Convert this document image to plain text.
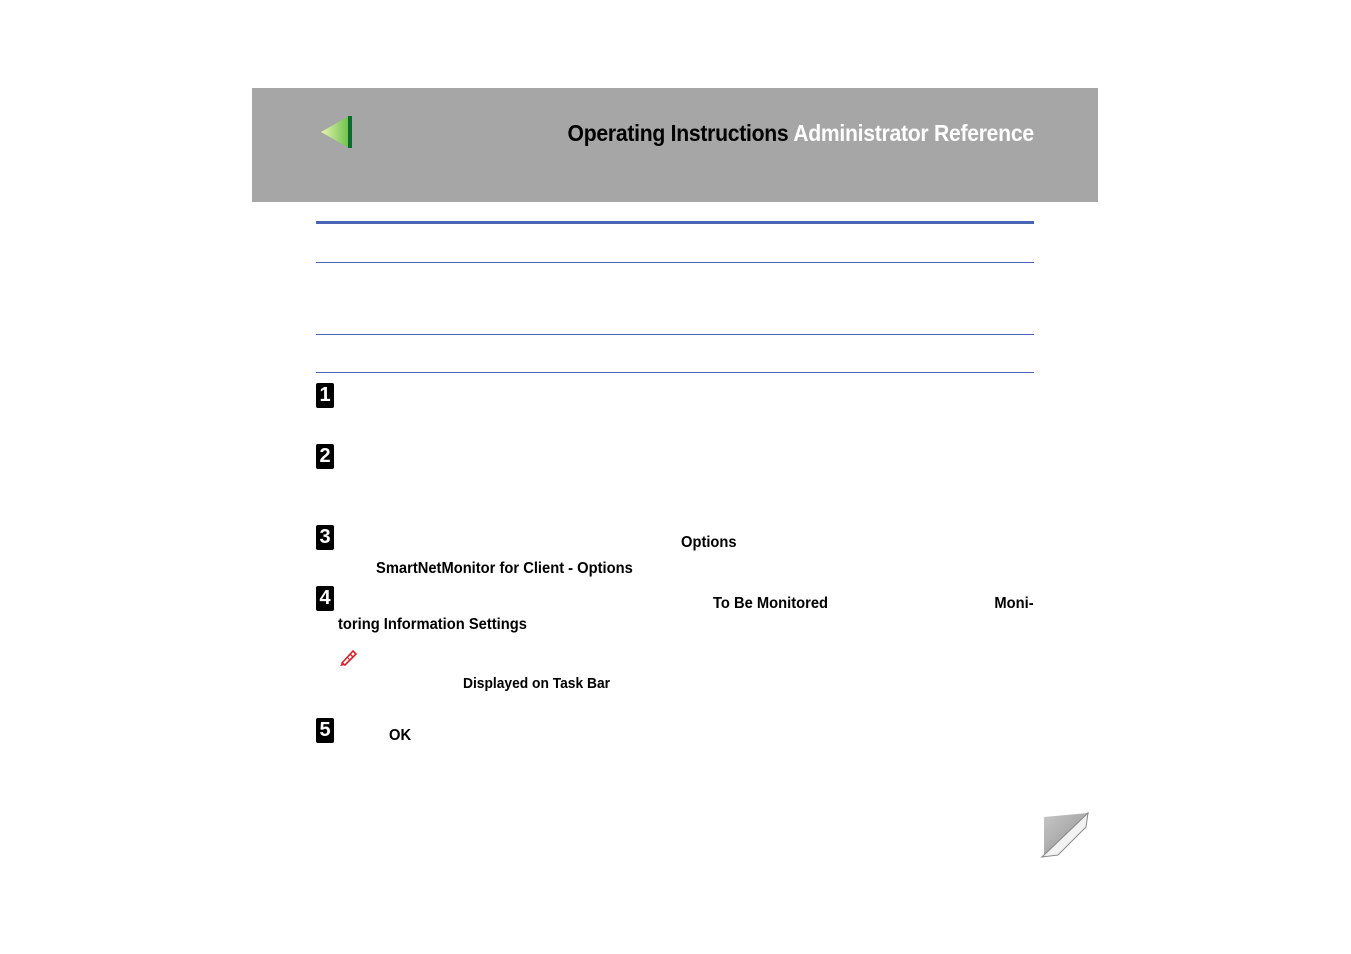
Operating Instructions Administrator Reference
1
2
3
4
5
Options
SmartNetMonitor for Client - Options
To Be Monitored	Moni-
toring Information Settings
Displayed on Task Bar
OK
